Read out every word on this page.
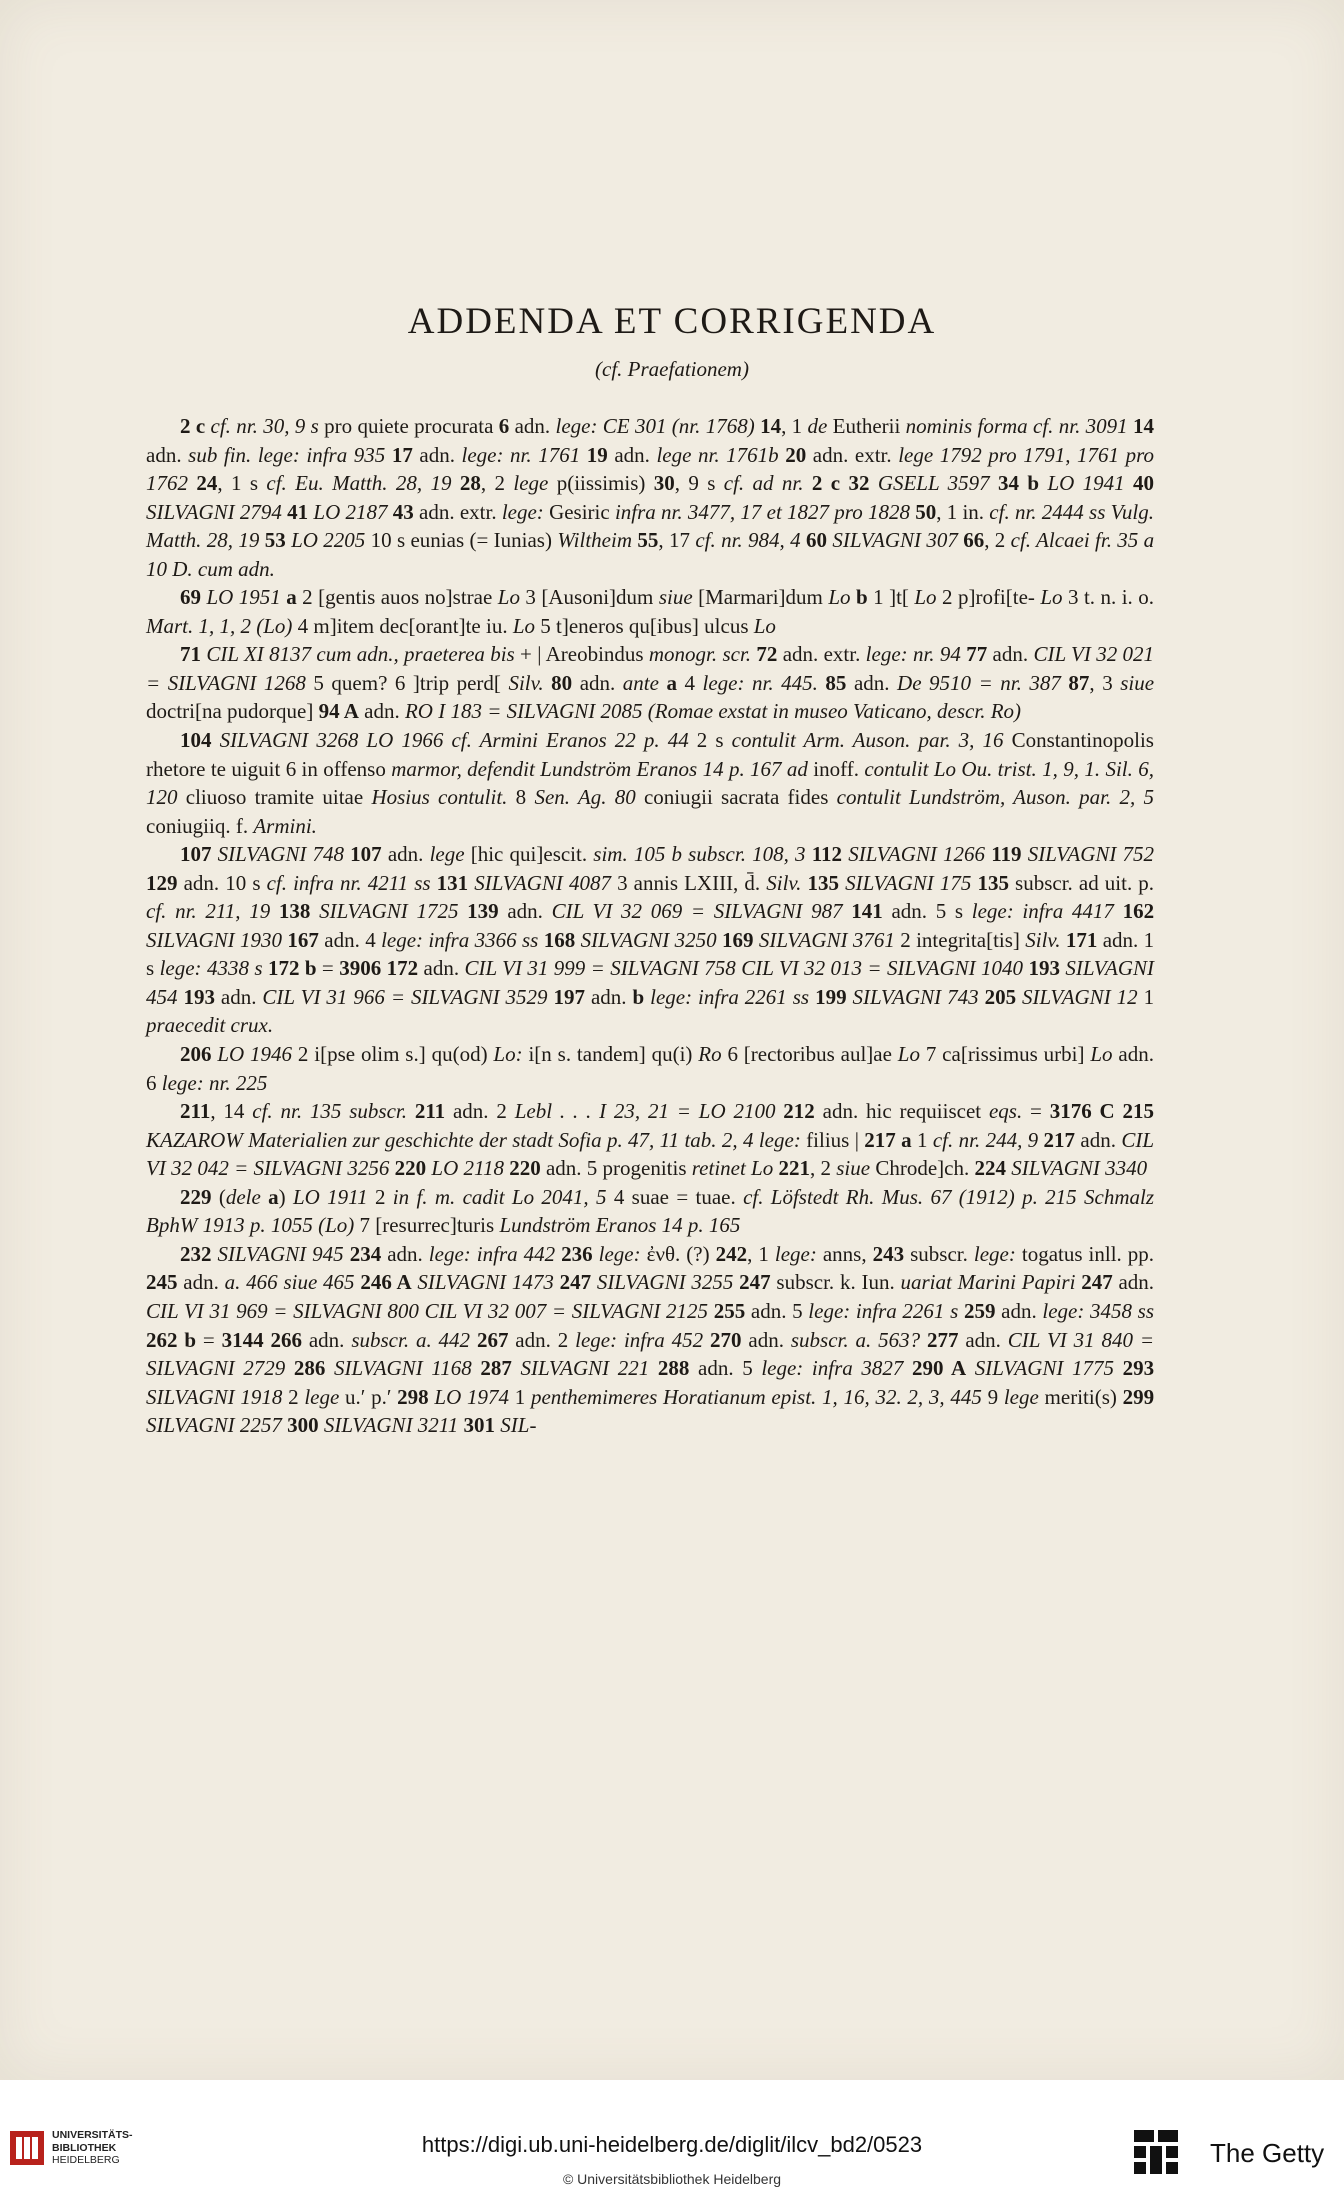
ADDENDA ET CORRIGENDA
(cf. Praefationem)

2 c cf. nr. 30, 9 s pro quiete procurata 6 adn. lege: CE 301 (nr. 1768) 14, 1 de Eutherii nominis forma cf. nr. 3091 14 adn. sub fin. lege: infra 935 17 adn. lege: nr. 1761 19 adn. lege nr. 1761b 20 adn. extr. lege 1792 pro 1791, 1761 pro 1762 24, 1 s cf. Eu. Matth. 28, 19 28, 2 lege p(iissimis) 30, 9 s cf. ad nr. 2 c 32 GSELL 3597 34 b LO 1941 40 SILVAGNI 2794 41 LO 2187 43 adn. extr. lege: Gesiric infra nr. 3477, 17 et 1827 pro 1828 50, 1 in. cf. nr. 2444 ss Vulg. Matth. 28, 19 53 LO 2205 10 s eunias (= Iunias) Wiltheim 55, 17 cf. nr. 984, 4 60 SILVAGNI 307 66, 2 cf. Alcaei fr. 35 a 10 D. cum adn.

69 LO 1951 a 2 [gentis auos no]strae Lo 3 [Ausoni]dum siue [Marmari]dum Lo b 1 ]t[ Lo 2 p]rofi[te- Lo 3 t. n. i. o. Mart. 1, 1, 2 (Lo) 4 m]item dec[orant]te iu. Lo 5 t]eneros qu[ibus] ulcus Lo

71 CIL XI 8137 cum adn., praeterea bis + | Areobindus monogr. scr. 72 adn. extr. lege: nr. 94 77 adn. CIL VI 32 021 = SILVAGNI 1268 5 quem? 6 ]trip perd[ Silv. 80 adn. ante a 4 lege: nr. 445. 85 adn. De 9510 = nr. 387 87, 3 siue doctri[na pudorque] 94 A adn. RO I 183 = SILVAGNI 2085 (Romae exstat in museo Vaticano, descr. Ro)

104 SILVAGNI 3268 LO 1966 cf. Armini Eranos 22 p. 44 2 s contulit Arm. Auson. par. 3, 16 Constantinopolis rhetore te uiguit 6 in offenso marmor, defendit Lundström Eranos 14 p. 167 ad inoff. contulit Lo Ou. trist. 1, 9, 1. Sil. 6, 120 cliuoso tramite uitae Hosius contulit. 8 Sen. Ag. 80 coniugii sacrata fides contulit Lundström, Auson. par. 2, 5 coniugiiq. f. Armini.

107 SILVAGNI 748 107 adn. lege [hic qui]escit. sim. 105 b subscr. 108, 3 112 SILVAGNI 1266 119 SILVAGNI 752 129 adn. 10 s cf. infra nr. 4211 ss 131 SILVAGNI 4087 3 annis LXIII, d̄. Silv. 135 SILVAGNI 175 135 subscr. ad uit. p. cf. nr. 211, 19 138 SILVAGNI 1725 139 adn. CIL VI 32 069 = SILVAGNI 987 141 adn. 5 s lege: infra 4417 162 SILVAGNI 1930 167 adn. 4 lege: infra 3366 ss 168 SILVAGNI 3250 169 SILVAGNI 3761 2 integrita[tis] Silv. 171 adn. 1 s lege: 4338 s 172 b = 3906 172 adn. CIL VI 31 999 = SILVAGNI 758 CIL VI 32 013 = SILVAGNI 1040 193 SILVAGNI 454 193 adn. CIL VI 31 966 = SILVAGNI 3529 197 adn. b lege: infra 2261 ss 199 SILVAGNI 743 205 SILVAGNI 12 1 praecedit crux.

206 LO 1946 2 i[pse olim s.] qu(od) Lo: i[n s. tandem] qu(i) Ro 6 [rectoribus aul]ae Lo 7 ca[rissimus urbi] Lo adn. 6 lege: nr. 225

211, 14 cf. nr. 135 subscr. 211 adn. 2 Lebl . . . I 23, 21 = LO 2100 212 adn. hic requiiscet eqs. = 3176 C 215 KAZAROW Materialien zur geschichte der stadt Sofia p. 47, 11 tab. 2, 4 lege: filius | 217 a 1 cf. nr. 244, 9 217 adn. CIL VI 32 042 = SILVAGNI 3256 220 LO 2118 220 adn. 5 progenitis retinet Lo 221, 2 siue Chrode]ch. 224 SILVAGNI 3340

229 (dele a) LO 1911 2 in f. m. cadit Lo 2041, 5 4 suae = tuae. cf. Löfstedt Rh. Mus. 67 (1912) p. 215 Schmalz BphW 1913 p. 1055 (Lo) 7 [resurrec]turis Lundström Eranos 14 p. 165

232 SILVAGNI 945 234 adn. lege: infra 442 236 lege: ἐνθ. (?) 242, 1 lege: anns, 243 subscr. lege: togatus inll. pp. 245 adn. a. 466 siue 465 246 A SILVAGNI 1473 247 SILVAGNI 3255 247 subscr. k. Iun. uariat Marini Papiri 247 adn. CIL VI 31 969 = SILVAGNI 800 CIL VI 32 007 = SILVAGNI 2125 255 adn. 5 lege: infra 2261 s 259 adn. lege: 3458 ss 262 b = 3144 266 adn. subscr. a. 442 267 adn. 2 lege: infra 452 270 adn. subscr. a. 563? 277 adn. CIL VI 31 840 = SILVAGNI 2729 286 SILVAGNI 1168 287 SILVAGNI 221 288 adn. 5 lege: infra 3827 290 A SILVAGNI 1775 293 SILVAGNI 1918 2 lege u.′ p.′ 298 LO 1974 1 penthemimeres Horatianum epist. 1, 16, 32. 2, 3, 445 9 lege meriti(s) 299 SILVAGNI 2257 300 SILVAGNI 3211 301 SIL-

UNIVERSITÄTS-
BIBLIOTHEK
HEIDELBERG
https://digi.ub.uni-heidelberg.de/diglit/ilcv_bd2/0523
© Universitätsbibliothek Heidelberg
The Getty
